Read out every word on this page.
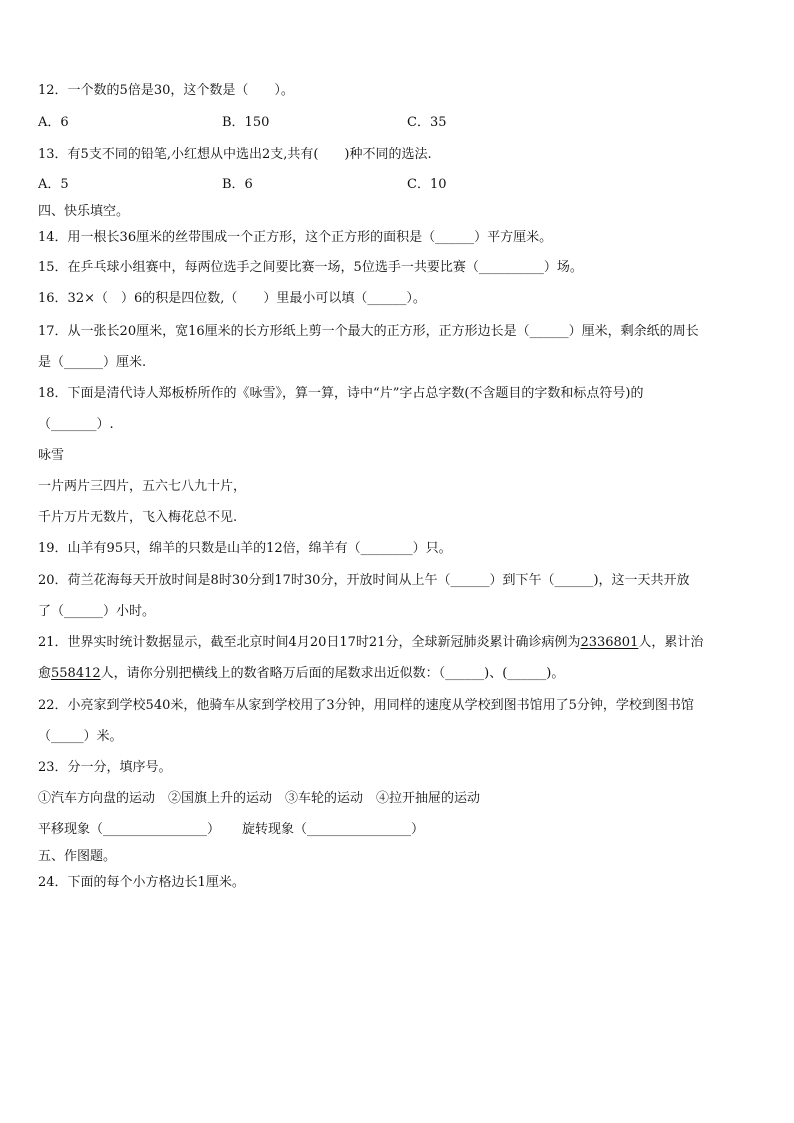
12．一个数的5倍是30，这个数是（　　）。
A．6	B．150	C．35
13．有5支不同的铅笔,小红想从中选出2支,共有(　　)种不同的选法.
A．5	B．6	C．10
四、快乐填空。
14．用一根长36厘米的丝带围成一个正方形，这个正方形的面积是（______）平方厘米。
15．在乒乓球小组赛中，每两位选手之间要比赛一场，5位选手一共要比赛（__________）场。
16．32×（　）6的积是四位数,（　　）里最小可以填（______）。
17．从一张长20厘米，宽16厘米的长方形纸上剪一个最大的正方形，正方形边长是（______）厘米，剩余纸的周长
是（______）厘米.
18．下面是清代诗人郑板桥所作的《咏雪》，算一算，诗中“片”字占总字数(不含题目的字数和标点符号)的
（_______）.
咏雪
一片两片三四片，五六七八九十片，
千片万片无数片，飞入梅花总不见.
19．山羊有95只，绵羊的只数是山羊的12倍，绵羊有（________）只。
20．荷兰花海每天开放时间是8时30分到17时30分，开放时间从上午（______）到下午（______)，这一天共开放
了（______）小时。
21．世界实时统计数据显示，截至北京时间4月20日17时21分，全球新冠肺炎累计确诊病例为2336801人，累计治
愈558412人，请你分别把横线上的数省略万后面的尾数求出近似数：（______)、(______)。
22．小亮家到学校540米，他骑车从家到学校用了3分钟，用同样的速度从学校到图书馆用了5分钟，学校到图书馆
（_____）米。
23．分一分，填序号。
①汽车方向盘的运动　②国旗上升的运动　③车轮的运动　④拉开抽屉的运动
平移现象（________________） 旋转现象（________________）
五、作图题。
24．下面的每个小方格边长1厘米。
